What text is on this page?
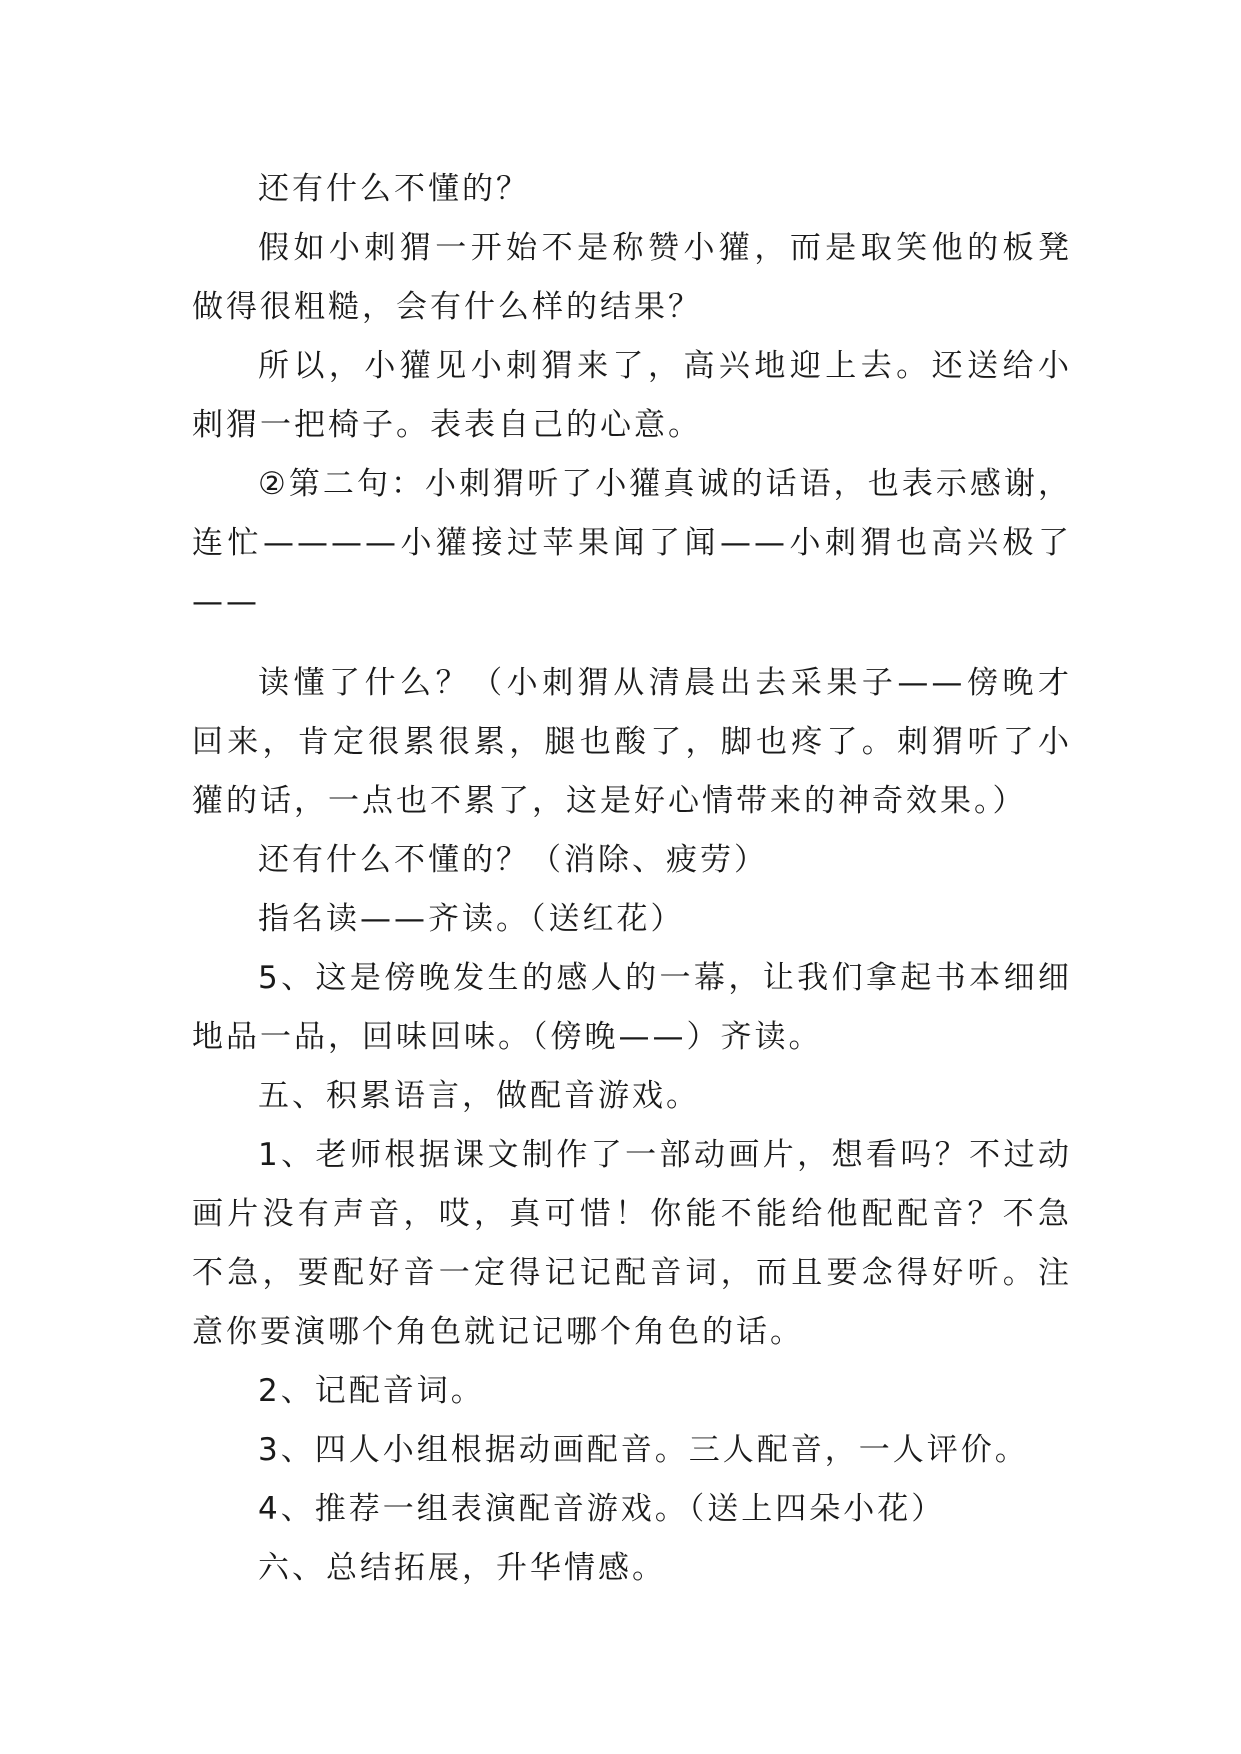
还有什么不懂的？

假如小刺猬一开始不是称赞小獾，而是取笑他的板凳做得很粗糙，会有什么样的结果？

所以，小獾见小刺猬来了，高兴地迎上去。还送给小刺猬一把椅子。表表自己的心意。

②第二句：小刺猬听了小獾真诚的话语，也表示感谢，连忙————小獾接过苹果闻了闻——小刺猬也高兴极了——

读懂了什么？（小刺猬从清晨出去采果子——傍晚才回来，肯定很累很累，腿也酸了，脚也疼了。刺猬听了小獾的话，一点也不累了，这是好心情带来的神奇效果。）

还有什么不懂的？（消除、疲劳）

指名读——齐读。（送红花）

5、这是傍晚发生的感人的一幕，让我们拿起书本细细地品一品，回味回味。（傍晚——）齐读。

五、积累语言，做配音游戏。

1、老师根据课文制作了一部动画片，想看吗？不过动画片没有声音，哎，真可惜！你能不能给他配配音？不急不急，要配好音一定得记记配音词，而且要念得好听。注意你要演哪个角色就记记哪个角色的话。

2、记配音词。

3、四人小组根据动画配音。三人配音，一人评价。

4、推荐一组表演配音游戏。（送上四朵小花）

六、总结拓展，升华情感。
